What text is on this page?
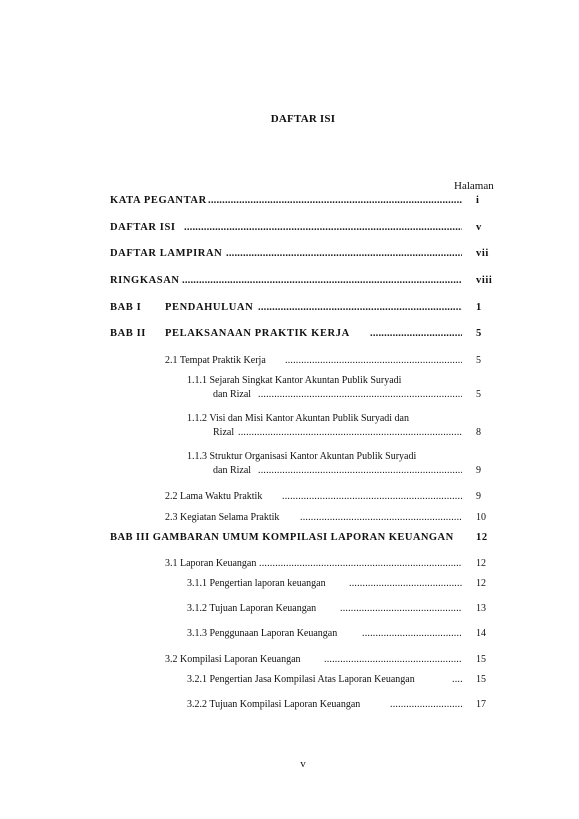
DAFTAR ISI
Halaman
KATA PEGANTAR .....	i
DAFTAR ISI .....	v
DAFTAR LAMPIRAN .....	vii
RINGKASAN .....	viii
BAB I PENDAHULUAN .....	1
BAB II PELAKSANAAN PRAKTIK KERJA .....	5
2.1 Tempat Praktik Kerja .....	5
1.1.1 Sejarah Singkat Kantor Akuntan Publik Suryadi
dan Rizal .....	5
1.1.2 Visi dan Misi Kantor Akuntan Publik Suryadi dan
Rizal .....	8
1.1.3 Struktur Organisasi Kantor Akuntan Publik Suryadi
dan Rizal .....	9
2.2 Lama Waktu Praktik .....	9
2.3 Kegiatan Selama Praktik .....	10
BAB III GAMBARAN UMUM KOMPILASI LAPORAN KEUANGAN 12
3.1 Laporan Keuangan .....	12
3.1.1 Pengertian laporan keuangan .....	12
3.1.2 Tujuan Laporan Keuangan .....	13
3.1.3 Penggunaan Laporan Keuangan .....	14
3.2 Kompilasi Laporan Keuangan .....	15
3.2.1 Pengertian Jasa Kompilasi Atas Laporan Keuangan .....	15
3.2.2 Tujuan Kompilasi Laporan Keuangan .....	17
v
